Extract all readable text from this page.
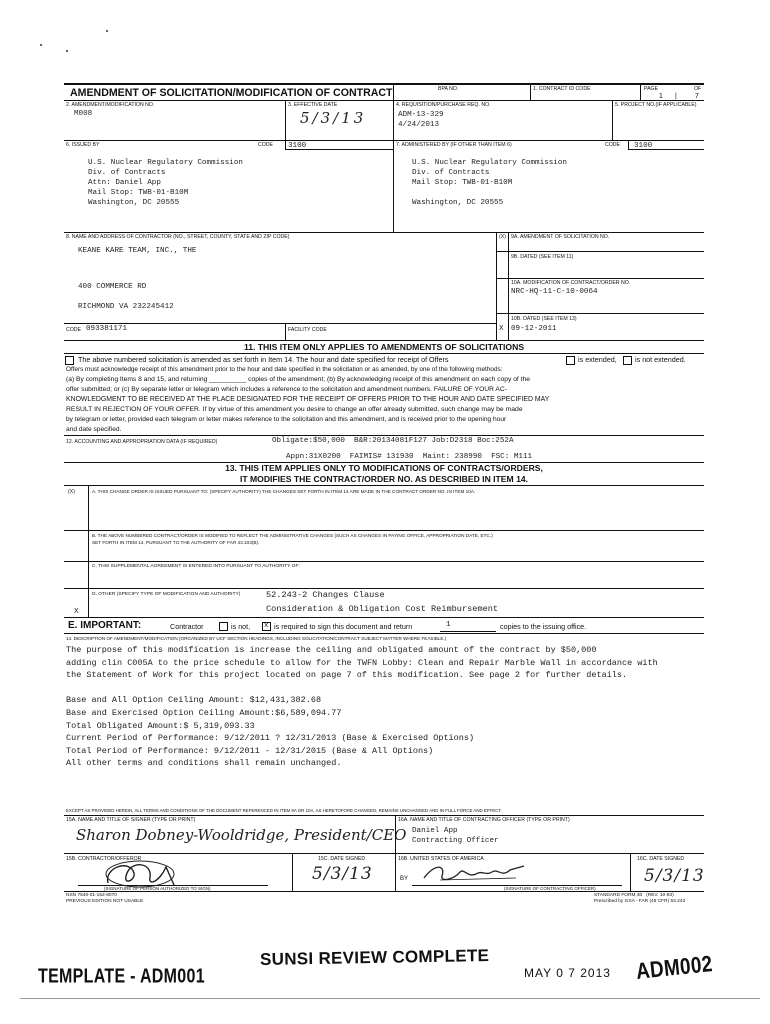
AMENDMENT OF SOLICITATION/MODIFICATION OF CONTRACT	BPA NO.	1. CONTRACT ID CODE	PAGE	OF
1 |	7
2. AMENDMENT/MODIFICATION NO.
M008
3. EFFECTIVE DATE
5/3/13
4. REQUISITION/PURCHASE REQ. NO.
ADM-13-329
4/24/2013
5. PROJECT NO.(IF APPLICABLE)
6. ISSUED BY	CODE 3100
U.S. Nuclear Regulatory Commission
Div. of Contracts
Attn: Daniel App
Mail Stop: TWB-01-B10M
Washington, DC 20555
7. ADMINISTERED BY (IF OTHER THAN ITEM 6)	CODE 3100
U.S. Nuclear Regulatory Commission
Div. of Contracts
Mail Stop: TWB-01-B10M

Washington, DC 20555
8. NAME AND ADDRESS OF CONTRACTOR (NO., STREET, COUNTY, STATE AND ZIP CODE)
KEANE KARE TEAM, INC., THE
400 COMMERCE RD
RICHMOND VA 232245412
(X) 9A. AMENDMENT OF SOLICITATION NO.
9B. DATED (SEE ITEM 11)
10A. MODIFICATION OF CONTRACT/ORDER NO.
NRC-HQ-11-C-10-0064
10B. DATED (SEE ITEM 13)
X 09-12-2011
CODE 093381171	FACILITY CODE
11. THIS ITEM ONLY APPLIES TO AMENDMENTS OF SOLICITATIONS
The above numbered solicitation is amended as set forth in Item 14. The hour and date specified for receipt of Offers	is extended,	is not extended.
Offers must acknowledge receipt of this amendment prior to the hour and date specified in the solicitation or as amended, by one of the following methods:
(a) By completing Items 8 and 15, and returning __________ copies of the amendment; (b) By acknowledging receipt of this amendment on each copy of the
offer submitted; or (c) By separate letter or telegram which includes a reference to the solicitation and amendment numbers. FAILURE OF YOUR AC-
KNOWLEDGMENT TO BE RECEIVED AT THE PLACE DESIGNATED FOR THE RECEIPT OF OFFERS PRIOR TO THE HOUR AND DATE SPECIFIED MAY
RESULT IN REJECTION OF YOUR OFFER. If by virtue of this amendment you desire to change an offer already submitted, such change may be made
by telegram or letter, provided each telegram or letter makes reference to the solicitation and this amendment, and is received prior to the opening hour
and date specified.
12. ACCOUNTING AND APPROPRIATION DATA (IF REQUIRED)	Obligate:$50,000  B&R:20134081F127 Job:D2318 Boc:252A
Appn:31X0200  FAIMIS# 131930  Maint: 238990  FSC: M111
13. THIS ITEM APPLIES ONLY TO MODIFICATIONS OF CONTRACTS/ORDERS,
IT MODIFIES THE CONTRACT/ORDER NO. AS DESCRIBED IN ITEM 14.
(X)	A. THIS CHANGE ORDER IS ISSUED PURSUANT TO: (SPECIFY AUTHORITY) THE CHANGES SET FORTH IN ITEM 14 ARE MADE IN THE CONTRACT ORDER NO. IN ITEM 10A.
B. THE ABOVE NUMBERED CONTRACT/ORDER IS MODIFIED TO REFLECT THE ADMINISTRATIVE CHANGES (SUCH AS CHANGES IN PAYING OFFICE, APPROPRIATION DATE, ETC.)
SET FORTH IN ITEM 14, PURSUANT TO THE AUTHORITY OF FAR 43.103(B).
C. THIS SUPPLEMENTAL AGREEMENT IS ENTERED INTO PURSUANT TO AUTHORITY OF:
D. OTHER (SPECIFY TYPE OF MODIFICATION AND AUTHORITY)	52.243-2 Changes Clause
X	Consideration & Obligation Cost Reimbursement
E. IMPORTANT:	Contractor	is not, x is required to sign this document and return	1	copies to the issuing office.
14. DESCRIPTION OF AMENDMENT/MODIFICATION (ORGANIZED BY UCF SECTION HEADINGS, INCLUDING SOLICITATION/CONTRACT SUBJECT MATTER WHERE FEASIBLE.)
The purpose of this modification is increase the ceiling and obligated amount of the contract by $50,000
adding clin C005A to the price schedule to allow for the TWFN Lobby: Clean and Repair Marble Wall in accordance with
the Statement of Work for this project located on page 7 of this modification. See page 2 for further details.

Base and All Option Ceiling Amount: $12,431,382.68
Base and Exercised Option Ceiling Amount:$6,589,094.77
Total Obligated Amount:$ 5,319,093.33
Current Period of Performance: 9/12/2011 ? 12/31/2013 (Base & Exercised Options)
Total Period of Performance: 9/12/2011 - 12/31/2015 (Base & All Options)
All other terms and conditions shall remain unchanged.
EXCEPT AS PROVIDED HEREIN, ALL TERMS AND CONDITIONS OF THE DOCUMENT REFERENCED IN ITEM 9A OR 10A, AS HERETOFORE CHANGED, REMAINS UNCHANGED AND IN FULL FORCE AND EFFECT.
15A. NAME AND TITLE OF SIGNER (TYPE OR PRINT)
Sharon Dobney-Wooldridge, President/CEO
16A. NAME AND TITLE OF CONTRACTING OFFICER (TYPE OR PRINT)
Daniel App
Contracting Officer
15B. CONTRACTOR/OFFEROR
(SIGNATURE OF PERSON AUTHORIZED TO SIGN)
15C. DATE SIGNED
5/3/13
16B. UNITED STATES OF AMERICA
BY
(SIGNATURE OF CONTRACTING OFFICER)
16C. DATE SIGNED
5/3/13
NSN 7540-01-152-8070
PREVIOUS EDITION NOT USABLE
STANDARD FORM 30   (REV. 10-83)
Prescribed by GSA - FAR (48 CFR) 53.243
SUNSI REVIEW COMPLETE
TEMPLATE - ADM001	MAY 0 7 2013 ADM002
